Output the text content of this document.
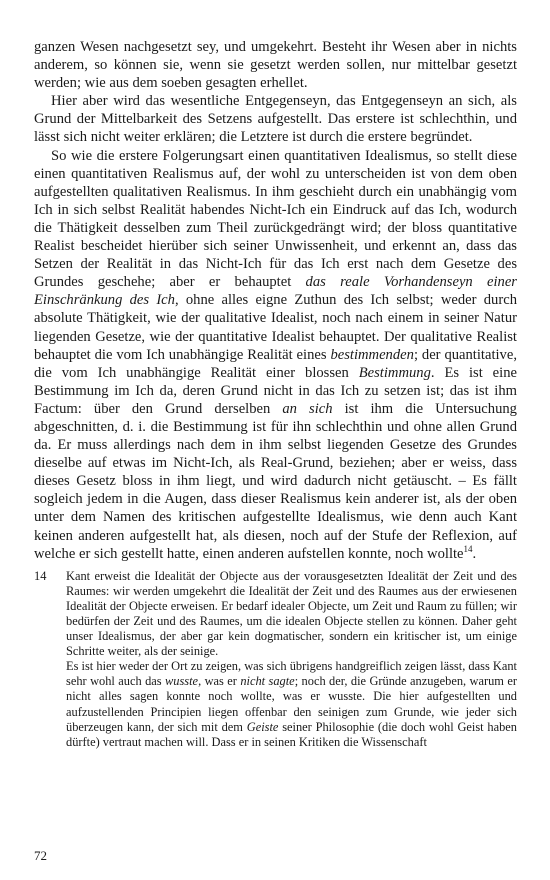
ganzen Wesen nachgesetzt sey, und umgekehrt. Besteht ihr Wesen aber in nichts anderem, so können sie, wenn sie gesetzt werden sollen, nur mittelbar gesetzt werden; wie aus dem soeben gesagten erhellet.

Hier aber wird das wesentliche Entgegenseyn, das Entgegenseyn an sich, als Grund der Mittelbarkeit des Setzens aufgestellt. Das erstere ist schlechthin, und lässt sich nicht weiter erklären; die Letztere ist durch die erstere begründet.

So wie die erstere Folgerungsart einen quantitativen Idealismus, so stellt diese einen quantitativen Realismus auf, der wohl zu unterscheiden ist von dem oben aufgestellten qualitativen Realismus. In ihm geschieht durch ein unabhängig vom Ich in sich selbst Realität habendes Nicht-Ich ein Eindruck auf das Ich, wodurch die Thätigkeit desselben zum Theil zurückgedrängt wird; der bloss quantitative Realist bescheidet hierüber sich seiner Unwissenheit, und erkennt an, dass das Setzen der Realität in das Nicht-Ich für das Ich erst nach dem Gesetze des Grundes geschehe; aber er behauptet das reale Vorhandenseyn einer Einschränkung des Ich, ohne alles eigne Zuthun des Ich selbst; weder durch absolute Thätigkeit, wie der qualitative Idealist, noch nach einem in seiner Natur liegenden Gesetze, wie der quantitative Idealist behauptet. Der qualitative Realist behauptet die vom Ich unabhängige Realität eines bestimmenden; der quantitative, die vom Ich unabhängige Realität einer blossen Bestimmung. Es ist eine Bestimmung im Ich da, deren Grund nicht in das Ich zu setzen ist; das ist ihm Factum: über den Grund derselben an sich ist ihm die Untersuchung abgeschnitten, d. i. die Bestimmung ist für ihn schlechthin und ohne allen Grund da. Er muss allerdings nach dem in ihm selbst liegenden Gesetze des Grundes dieselbe auf etwas im Nicht-Ich, als Real-Grund, beziehen; aber er weiss, dass dieses Gesetz bloss in ihm liegt, und wird dadurch nicht getäuscht. – Es fällt sogleich jedem in die Augen, dass dieser Realismus kein anderer ist, als der oben unter dem Namen des kritischen aufgestellte Idealismus, wie denn auch Kant keinen anderen aufgestellt hat, als diesen, noch auf der Stufe der Reflexion, auf welche er sich gestellt hatte, einen anderen aufstellen konnte, noch wollte$^{14}$.

14	Kant erweist die Idealität der Objecte aus der vorausgesetzten Idealität der Zeit und des Raumes: wir werden umgekehrt die Idealität der Zeit und des Raumes aus der erwiesenen Idealität der Objecte erweisen. Er bedarf idealer Objecte, um Zeit und Raum zu füllen; wir bedürfen der Zeit und des Raumes, um die idealen Objecte stellen zu können. Daher geht unser Idealismus, der aber gar kein dogmatischer, sondern ein kritischer ist, um einige Schritte weiter, als der seinige.

Es ist hier weder der Ort zu zeigen, was sich übrigens handgreiflich zeigen lässt, dass Kant sehr wohl auch das wusste, was er nicht sagte; noch der, die Gründe anzugeben, warum er nicht alles sagen konnte noch wollte, was er wusste. Die hier aufgestellten und aufzustellenden Principien liegen offenbar den seinigen zum Grunde, wie jeder sich überzeugen kann, der sich mit dem Geiste seiner Philosophie (die doch wohl Geist haben dürfte) vertraut machen will. Dass er in seinen Kritiken die Wissenschaft

72
